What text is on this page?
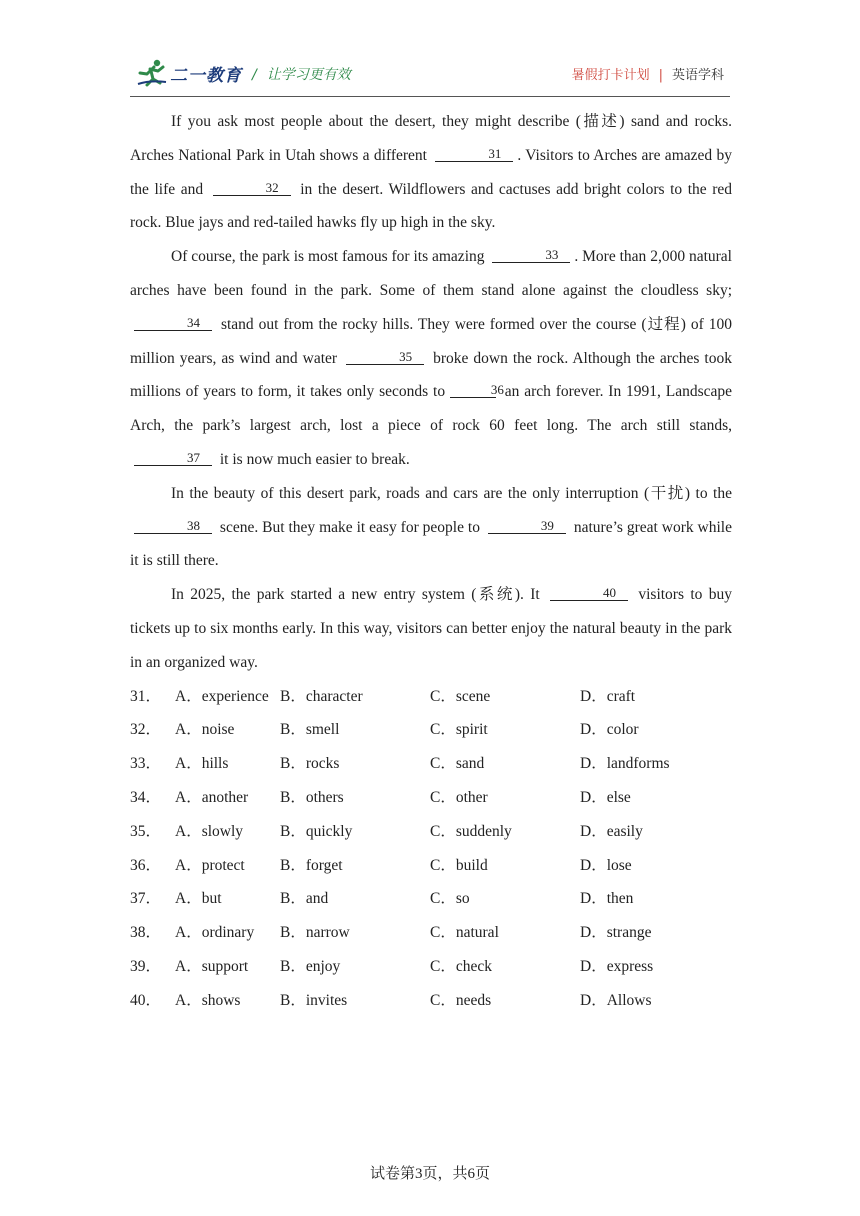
二一教育 / 让学习更有效	暑假打卡计划 | 英语学科

If you ask most people about the desert, they might describe (描述) sand and rocks. Arches National Park in Utah shows a different	31 . Visitors to Arches are amazed by the life and	32 in the desert. Wildflowers and cactuses add bright colors to the red rock. Blue jays and red-tailed hawks fly up high in the sky.

Of course, the park is most famous for its amazing	33 . More than 2,000 natural arches have been found in the park. Some of them stand alone against the cloudless sky; 34 stand out from the rocky hills. They were formed over the course (过程) of 100 million years, as wind and water	35 broke down the rock. Although the arches took millions of years to form, it takes only seconds to	36 an arch forever. In 1991, Landscape Arch, the park’s largest arch, lost a piece of rock 60 feet long. The arch still stands, 37 it is now much easier to break.

In the beauty of this desert park, roads and cars are the only interruption (干扰) to the 38 scene. But they make it easy for people to	39 nature’s great work while it is still there.

In 2025, the park started a new entry system (系统). It	40 visitors to buy tickets up to six months early. In this way, visitors can better enjoy the natural beauty in the park in an organized way.

31． A．experience B．character	C．scene	D．craft
32． A．noise	B．smell	C．spirit	D．color
33． A．hills	B．rocks	C．sand	D．landforms
34． A．another	B．others	C．other	D．else
35． A．slowly	B．quickly	C．suddenly	D．easily
36． A．protect	B．forget	C．build	D．lose
37． A．but	B．and	C．so	D．then
38． A．ordinary	B．narrow	C．natural	D．strange
39． A．support	B．enjoy	C．check	D．express
40． A．shows	B．invites	C．needs	D．Allows
试卷第3页，共6页
